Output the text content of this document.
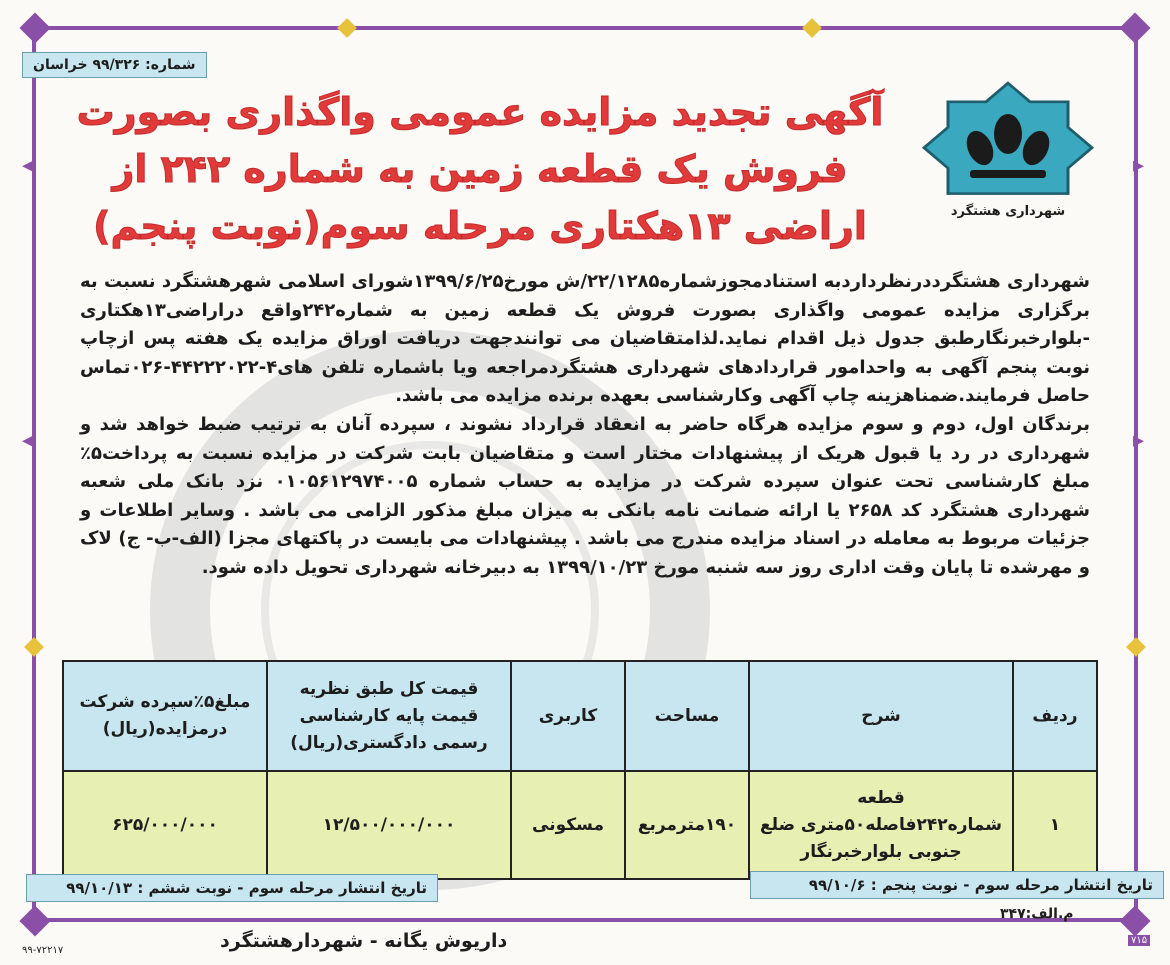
▸
◂
▸
◂
شماره: ۹۹/۳۲۶ خراسان
آگهی تجدید مزایده عمومی واگذاری بصورت فروش یک قطعه زمین به شماره ۲۴۲ از اراضی ۱۳هکتاری مرحله سوم(نوبت پنجم)	شهرداری هشتگرد

شهرداری هشتگرددرنظرداردبه استنادمجوزشماره۲۲/۱۲۸۵/ش مورخ۱۳۹۹/۶/۲۵شورای اسلامی شهرهشتگرد نسبت به برگزاری مزایده عمومی واگذاری بصورت فروش یک قطعه زمین به شماره۲۴۲واقع دراراضی۱۳هکتاری -بلوارخبرنگارطبق جدول ذیل اقدام نماید.لذامتقاضیان می توانندجهت دریافت اوراق مزایده یک هفته پس ازچاپ نوبت پنجم آگهی به واحدامور قراردادهای شهرداری هشتگردمراجعه ویا باشماره تلفن های۴-۴۴۲۲۲۰۲۲-۰۲۶تماس حاصل فرمایند.ضمناهزینه چاپ آگهی وکارشناسی بعهده برنده مزایده می باشد.

برندگان اول، دوم و سوم مزایده هرگاه حاضر به انعقاد قرارداد نشوند ، سپرده آنان به ترتیب ضبط خواهد شد و شهرداری در رد یا قبول هریک از پیشنهادات مختار است و متقاضیان بابت شرکت در مزایده نسبت به پرداخت۵٪ مبلغ کارشناسی تحت عنوان سپرده شرکت در مزایده به حساب شماره ۰۱۰۵۶۱۲۹۷۴۰۰۵ نزد بانک ملی شعبه شهرداری هشتگرد کد ۲۶۵۸ یا ارائه ضمانت نامه بانکی به میزان مبلغ مذکور الزامی می باشد . وسایر اطلاعات و جزئیات مربوط به معامله در اسناد مزایده مندرج می باشد . پیشنهادات می بایست در پاکتهای مجزا (الف-ب- ج) لاک و مهرشده تا پایان وقت اداری روز سه شنبه مورخ ۱۳۹۹/۱۰/۲۳ به دبیرخانه شهرداری تحویل داده شود.

ردیف	شرح	مساحت	کاربری	قیمت کل طبق نظریه قیمت پایه کارشناسی رسمی دادگستری(ریال)	مبلغ۵٪سپرده شرکت درمزایده(ریال)
۱	قطعه شماره۲۴۲فاصله۵۰متری ضلع جنوبی بلوارخبرنگار	۱۹۰مترمربع	مسکونی	۱۲/۵۰۰/۰۰۰/۰۰۰	۶۲۵/۰۰۰/۰۰۰
تاریخ انتشار مرحله سوم - نوبت پنجم : ۹۹/۱۰/۶
تاریخ انتشار مرحله سوم - نوبت ششم : ۹۹/۱۰/۱۳
م.الف:۳۴۷
داریوش یگانه - شهردارهشتگرد
۹۹-۷۲۲۱۷
۷۱۵
